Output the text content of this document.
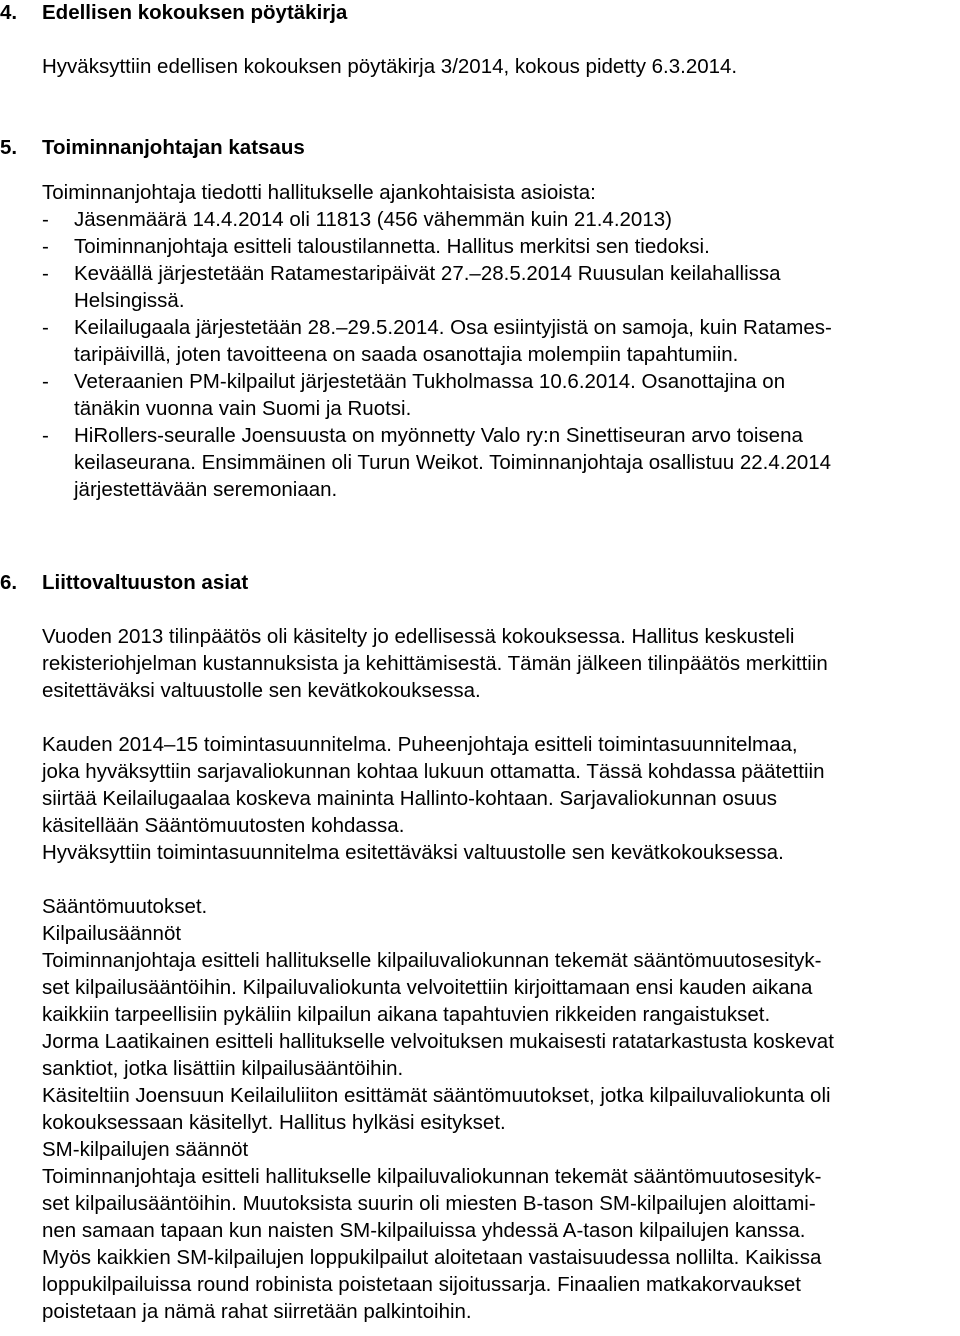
4. Edellisen kokouksen pöytäkirja
Hyväksyttiin edellisen kokouksen pöytäkirja 3/2014, kokous pidetty 6.3.2014.
5. Toiminnanjohtajan katsaus
Toiminnanjohtaja tiedotti hallitukselle ajankohtaisista asioista:
- Jäsenmäärä 14.4.2014 oli 11813 (456 vähemmän kuin 21.4.2013)
- Toiminnanjohtaja esitteli taloustilannetta. Hallitus merkitsi sen tiedoksi.
- Keväällä järjestetään Ratamestaripäivät 27.–28.5.2014 Ruusulan keilahallissa
Helsingissä.
- Keilailugaala järjestetään 28.–29.5.2014. Osa esiintyjistä on samoja, kuin Ratames-
taripäivillä, joten tavoitteena on saada osanottajia molempiin tapahtumiin.
- Veteraanien PM-kilpailut järjestetään Tukholmassa 10.6.2014. Osanottajina on
tänäkin vuonna vain Suomi ja Ruotsi.
- HiRollers-seuralle Joensuusta on myönnetty Valo ry:n Sinettiseuran arvo toisena
keilaseurana. Ensimmäinen oli Turun Weikot. Toiminnanjohtaja osallistuu 22.4.2014
järjestettävään seremoniaan.
6. Liittovaltuuston asiat
Vuoden 2013 tilinpäätös oli käsitelty jo edellisessä kokouksessa. Hallitus keskusteli
rekisteriohjelman kustannuksista ja kehittämisestä. Tämän jälkeen tilinpäätös merkittiin
esitettäväksi valtuustolle sen kevätkokouksessa.
Kauden 2014–15 toimintasuunnitelma. Puheenjohtaja esitteli toimintasuunnitelmaa,
joka hyväksyttiin sarjavaliokunnan kohtaa lukuun ottamatta. Tässä kohdassa päätettiin
siirtää Keilailugaalaa koskeva maininta Hallinto-kohtaan. Sarjavaliokunnan osuus
käsitellään Sääntömuutosten kohdassa.
Hyväksyttiin toimintasuunnitelma esitettäväksi valtuustolle sen kevätkokouksessa.
Sääntömuutokset.
Kilpailusäännöt
Toiminnanjohtaja esitteli hallitukselle kilpailuvaliokunnan tekemät sääntömuutosesityk-
set kilpailusääntöihin. Kilpailuvaliokunta velvoitettiin kirjoittamaan ensi kauden aikana
kaikkiin tarpeellisiin pykäliin kilpailun aikana tapahtuvien rikkeiden rangaistukset.
Jorma Laatikainen esitteli hallitukselle velvoituksen mukaisesti ratatarkastusta koskevat
sanktiot, jotka lisättiin kilpailusääntöihin.
Käsiteltiin Joensuun Keilailuliiton esittämät sääntömuutokset, jotka kilpailuvaliokunta oli
kokouksessaan käsitellyt. Hallitus hylkäsi esitykset.
SM-kilpailujen säännöt
Toiminnanjohtaja esitteli hallitukselle kilpailuvaliokunnan tekemät sääntömuutosesityk-
set kilpailusääntöihin. Muutoksista suurin oli miesten B-tason SM-kilpailujen aloittami-
nen samaan tapaan kun naisten SM-kilpailuissa yhdessä A-tason kilpailujen kanssa.
Myös kaikkien SM-kilpailujen loppukilpailut aloitetaan vastaisuudessa nollilta. Kaikissa
loppukilpailuissa round robinista poistetaan sijoitussarja. Finaalien matkakorvaukset
poistetaan ja nämä rahat siirretään palkintoihin.
